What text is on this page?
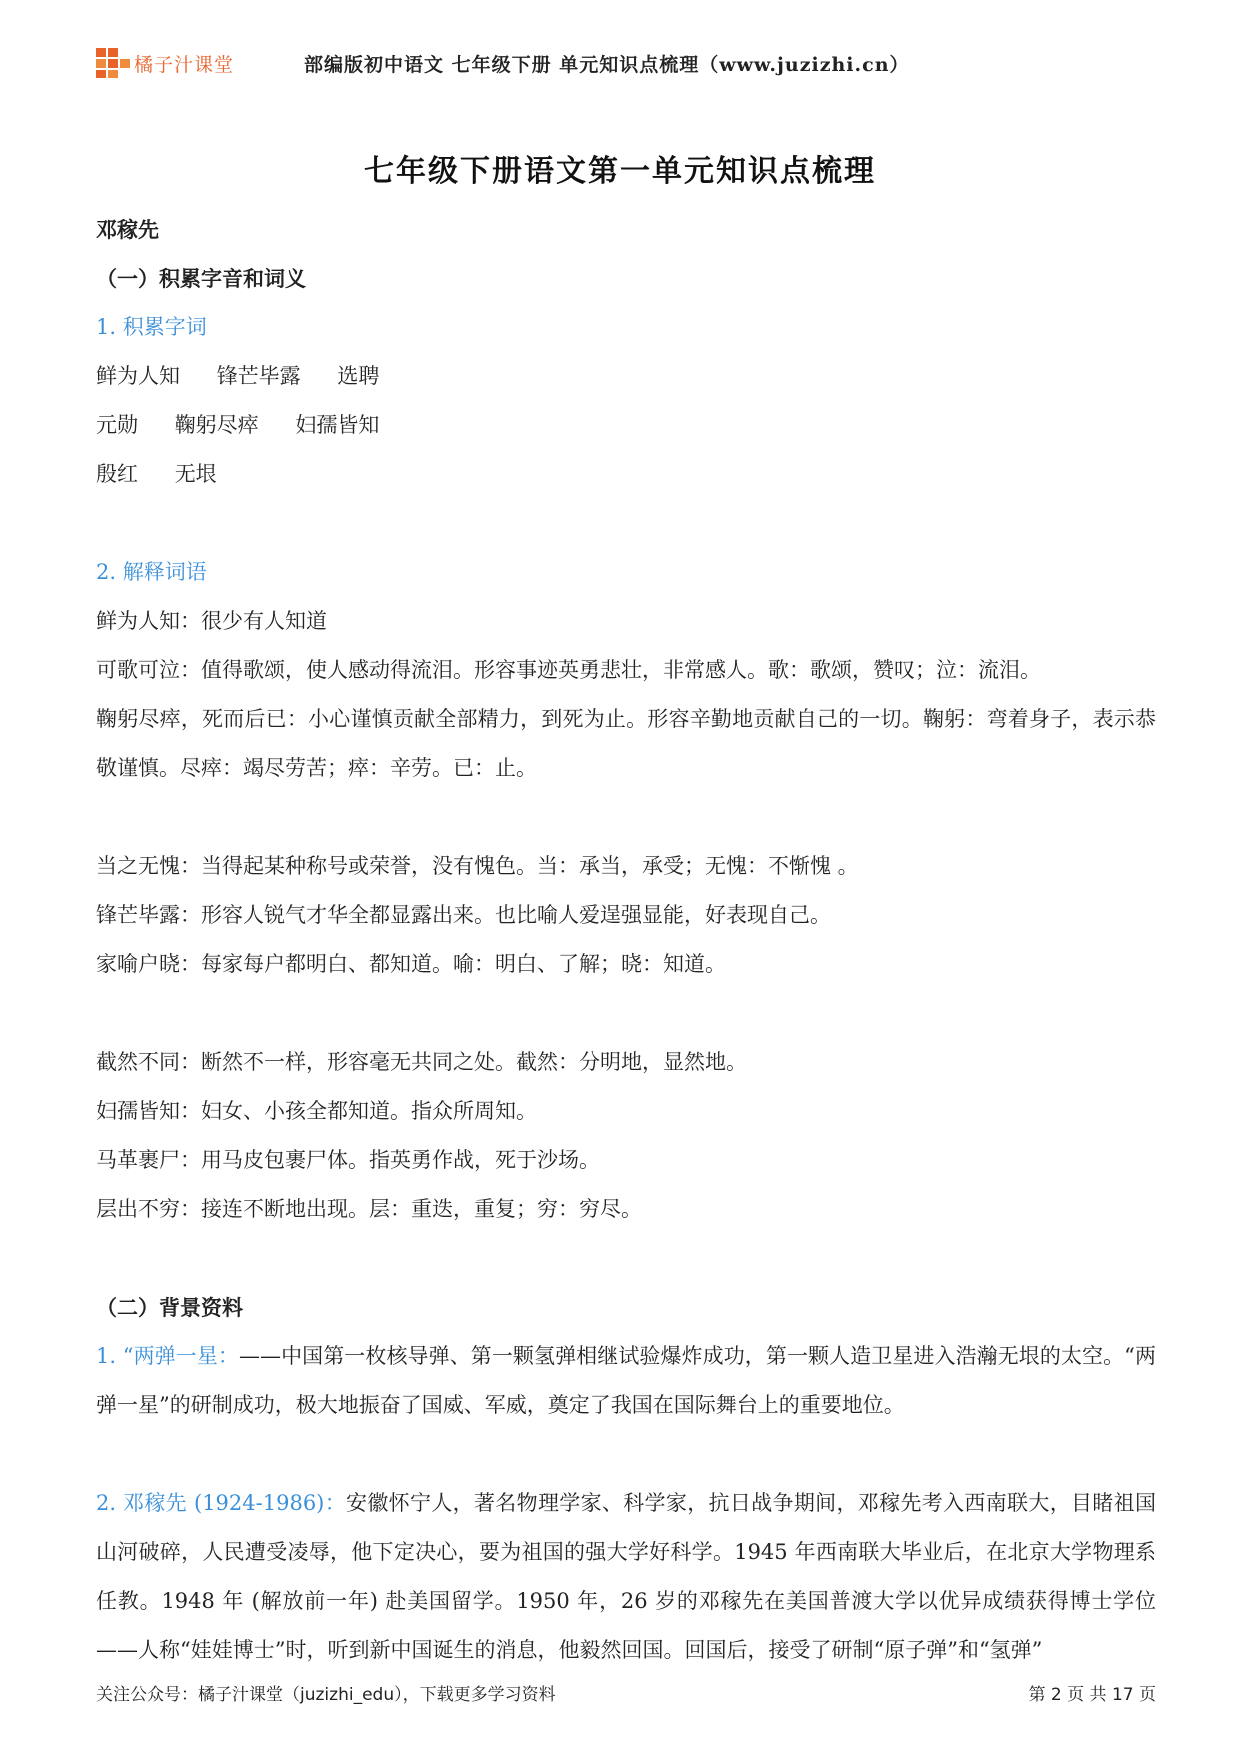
橘子汁课堂	部编版初中语文 七年级下册 单元知识点梳理（www.juzizhi.cn）
七年级下册语文第一单元知识点梳理
邓稼先
（一）积累字音和词义
1. 积累字词
鲜为人知 锋芒毕露 选聘
元勋 鞠躬尽瘁 妇孺皆知
殷红 无垠
2. 解释词语
鲜为人知：很少有人知道
可歌可泣：值得歌颂，使人感动得流泪。形容事迹英勇悲壮，非常感人。歌：歌颂，赞叹；泣：流泪。
鞠躬尽瘁，死而后已：小心谨慎贡献全部精力，到死为止。形容辛勤地贡献自己的一切。鞠躬：弯着身子，表示恭敬谨慎。尽瘁：竭尽劳苦；瘁：辛劳。已：止。
当之无愧：当得起某种称号或荣誉，没有愧色。当：承当，承受；无愧：不惭愧 。
锋芒毕露：形容人锐气才华全都显露出来。也比喻人爱逞强显能，好表现自己。
家喻户晓：每家每户都明白、都知道。喻：明白、了解；晓：知道。
截然不同：断然不一样，形容毫无共同之处。截然：分明地，显然地。
妇孺皆知：妇女、小孩全都知道。指众所周知。
马革裹尸：用马皮包裹尸体。指英勇作战，死于沙场。
层出不穷：接连不断地出现。层：重迭，重复；穷：穷尽。
（二）背景资料
1. “两弹一星：——中国第一枚核导弹、第一颗氢弹相继试验爆炸成功，第一颗人造卫星进入浩瀚无垠的太空。“两弹一星”的研制成功，极大地振奋了国威、军威，奠定了我国在国际舞台上的重要地位。
2. 邓稼先 (1924-1986)：安徽怀宁人，著名物理学家、科学家，抗日战争期间，邓稼先考入西南联大，目睹祖国山河破碎，人民遭受凌辱，他下定决心，要为祖国的强大学好科学。1945 年西南联大毕业后，在北京大学物理系任教。1948 年 (解放前一年) 赴美国留学。1950 年，26 岁的邓稼先在美国普渡大学以优异成绩获得博士学位——人称“娃娃博士”时，听到新中国诞生的消息，他毅然回国。回国后，接受了研制“原子弹”和“氢弹”
关注公众号：橘子汁课堂（juzizhi_edu），下载更多学习资料	第 2 页 共 17 页
